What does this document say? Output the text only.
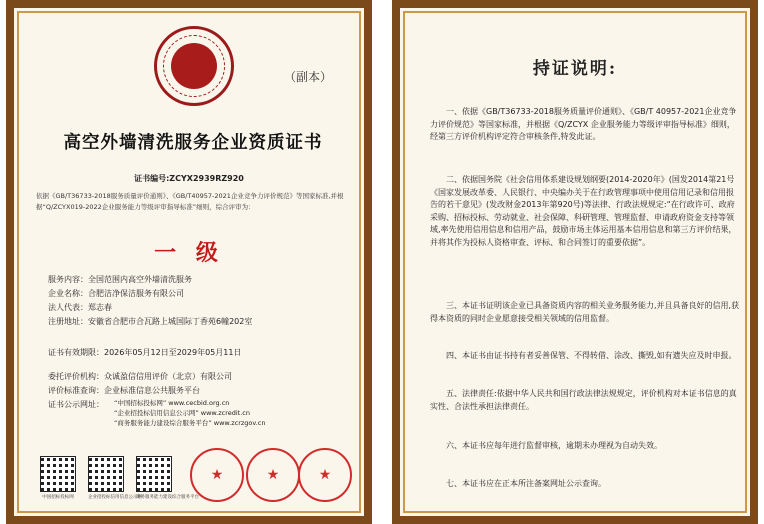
（副本）
高空外墙清洗服务企业资质证书
证书编号:ZCYX2939RZ920
依据《GB/T36733-2018服务质量评价通则》、《GB/T40957-2021企业竞争力评价规范》等国家标准,并根据“Q/ZCYX019-2022企业服务能力等级评审指导标准”细则，综合评审为：
一 级
服务内容：全国范围内高空外墙清洗服务
企业名称：合肥洁净保洁服务有限公司
法人代表：郑志春
注册地址：安徽省合肥市合瓦路上城国际丁香苑6幢202室
证书有效期限：2026年05月12日至2029年05月11日
委托评价机构：众诚盈信信用评价（北京）有限公司
评价标准查询：企业标准信息公共服务平台
证书公示网址：	“中国招标投标网” www.cecbid.org.cn
“企业招投标信用信息公示网” www.zcredit.cn
“商务服务能力建设综合服务平台” www.zcrzgov.cn
中国招标投标网	企业招投标信用信息公示网
商务服务能力建设综合服务平台
★	★	★
持证说明:
一、依据《GB/T36733-2018服务质量评价通则》、《GB/T 40957-2021企业竞争力评价规范》等国家标准，并根据《Q/ZCYX 企业服务能力等级评审指导标准》细则，经第三方评价机构评定符合审核条件,特发此证。
二、依据国务院《社会信用体系建设规划纲要(2014-2020年》(国发2014第21号《国家发展改革委、人民银行、中央编办关于在行政管理事项中使用信用记录和信用报告的若干意见》(发改财金2013年第920号)等法律、行政法规规定:“在行政许可、政府采购、招标投标、劳动就业、社会保障、科研管理、管理监督、申请政府资金支持等领域,率先使用信用信息和信用产品，鼓励市场主体运用基本信用信息和第三方评价结果，并将其作为投标人资格审查、评标、和合同签订的重要依据”。
三、本证书证明该企业已具备资质内容的相关业务服务能力,并且具备良好的信用,获得本资质的同时企业愿意接受相关领域的信用监督。
四、本证书由证书持有者妥善保管、不得转借、涂改、撕毁,如有遗失应及时申报。
五、法律责任:依据中华人民共和国行政法律法规规定，评价机构对本证书信息的真实性、合法性承担法律责任。
六、本证书应每年进行监督审核，逾期未办理视为自动失效。
七、本证书应在正本所注备案网址公示查询。
